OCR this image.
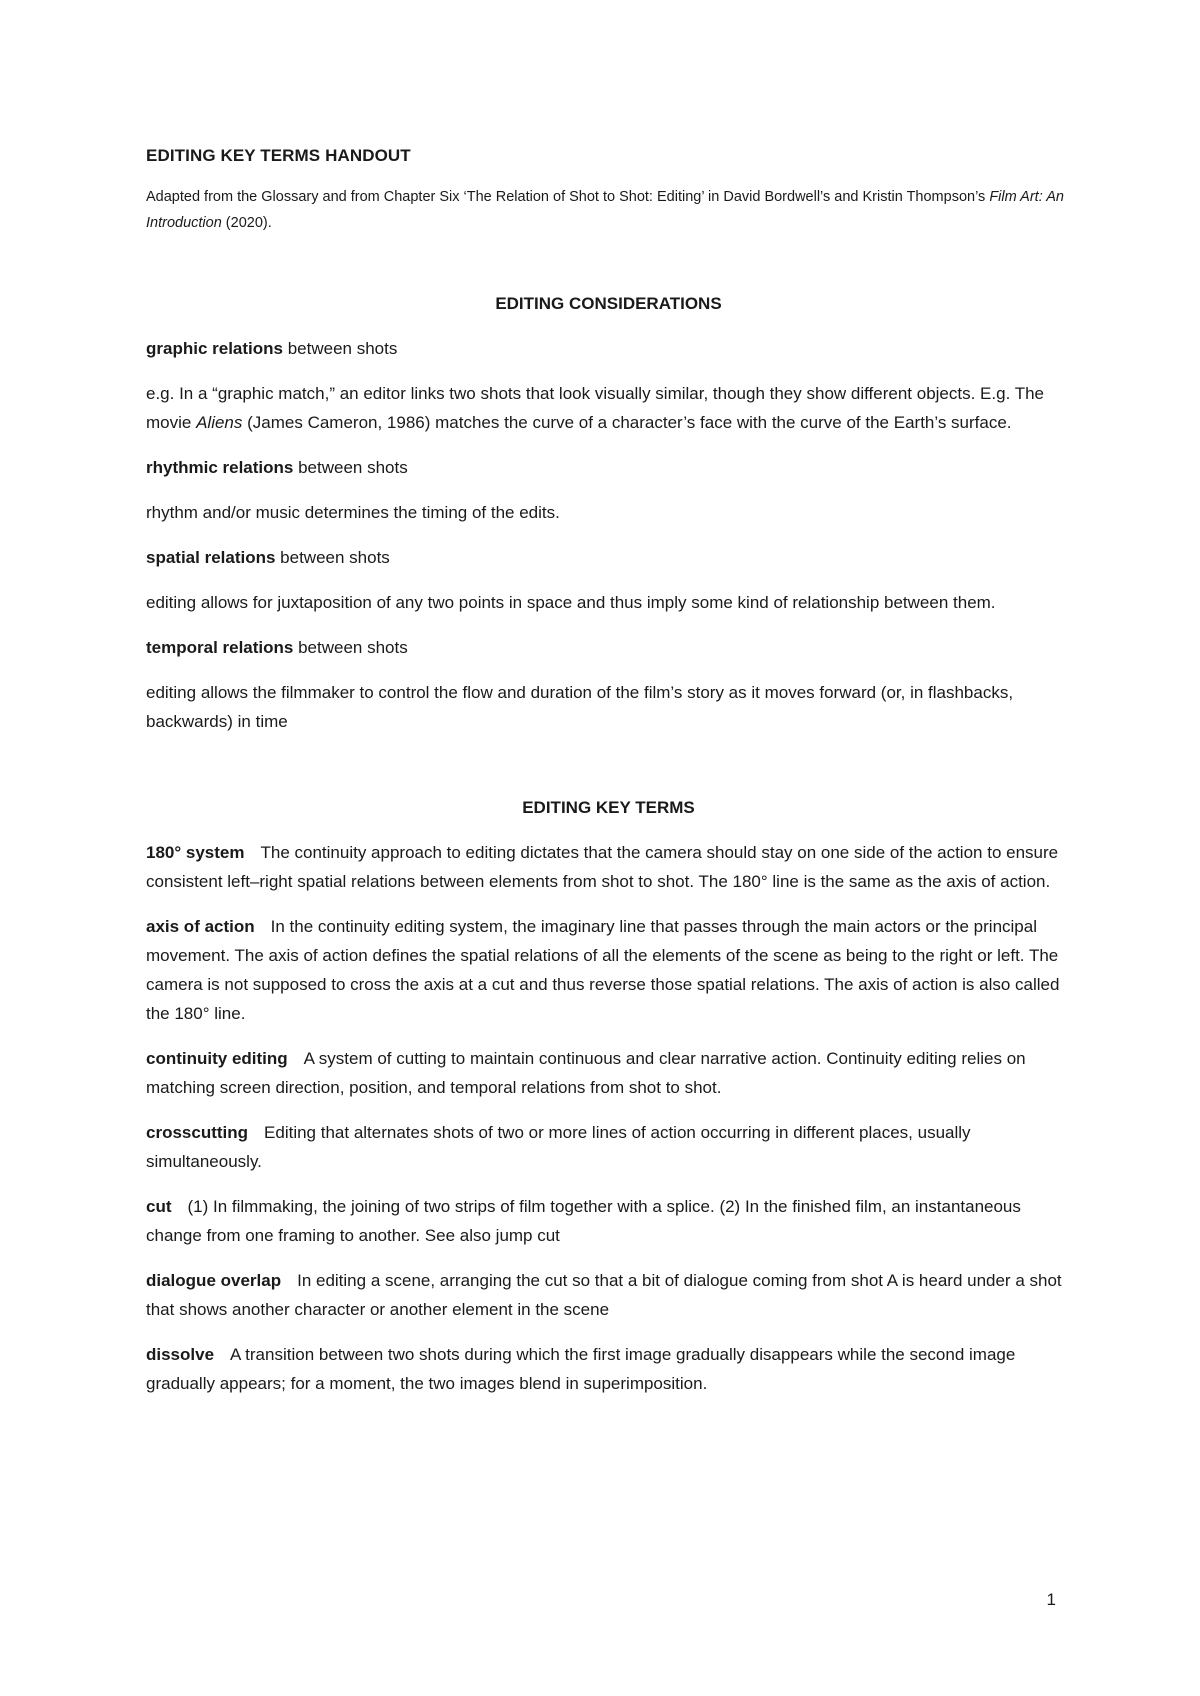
EDITING KEY TERMS HANDOUT

Adapted from the Glossary and from Chapter Six ‘The Relation of Shot to Shot: Editing’ in David Bordwell’s and Kristin Thompson’s Film Art: An Introduction (2020).

EDITING CONSIDERATIONS

graphic relations between shots

e.g. In a “graphic match,” an editor links two shots that look visually similar, though they show different objects. E.g. The movie Aliens (James Cameron, 1986) matches the curve of a character’s face with the curve of the Earth’s surface.

rhythmic relations between shots

rhythm and/or music determines the timing of the edits.

spatial relations between shots

editing allows for juxtaposition of any two points in space and thus imply some kind of relationship between them.

temporal relations between shots

editing allows the filmmaker to control the flow and duration of the film’s story as it moves forward (or, in flashbacks, backwards) in time

EDITING KEY TERMS

180° system The continuity approach to editing dictates that the camera should stay on one side of the action to ensure consistent left–right spatial relations between elements from shot to shot. The 180° line is the same as the axis of action.

axis of action In the continuity editing system, the imaginary line that passes through the main actors or the principal movement. The axis of action defines the spatial relations of all the elements of the scene as being to the right or left. The camera is not supposed to cross the axis at a cut and thus reverse those spatial relations. The axis of action is also called the 180° line.

continuity editing A system of cutting to maintain continuous and clear narrative action. Continuity editing relies on matching screen direction, position, and temporal relations from shot to shot.

crosscutting Editing that alternates shots of two or more lines of action occurring in different places, usually simultaneously.

cut (1) In filmmaking, the joining of two strips of film together with a splice. (2) In the finished film, an instantaneous change from one framing to another. See also jump cut

dialogue overlap In editing a scene, arranging the cut so that a bit of dialogue coming from shot A is heard under a shot that shows another character or another element in the scene

dissolve A transition between two shots during which the first image gradually disappears while the second image gradually appears; for a moment, the two images blend in superimposition.

1
